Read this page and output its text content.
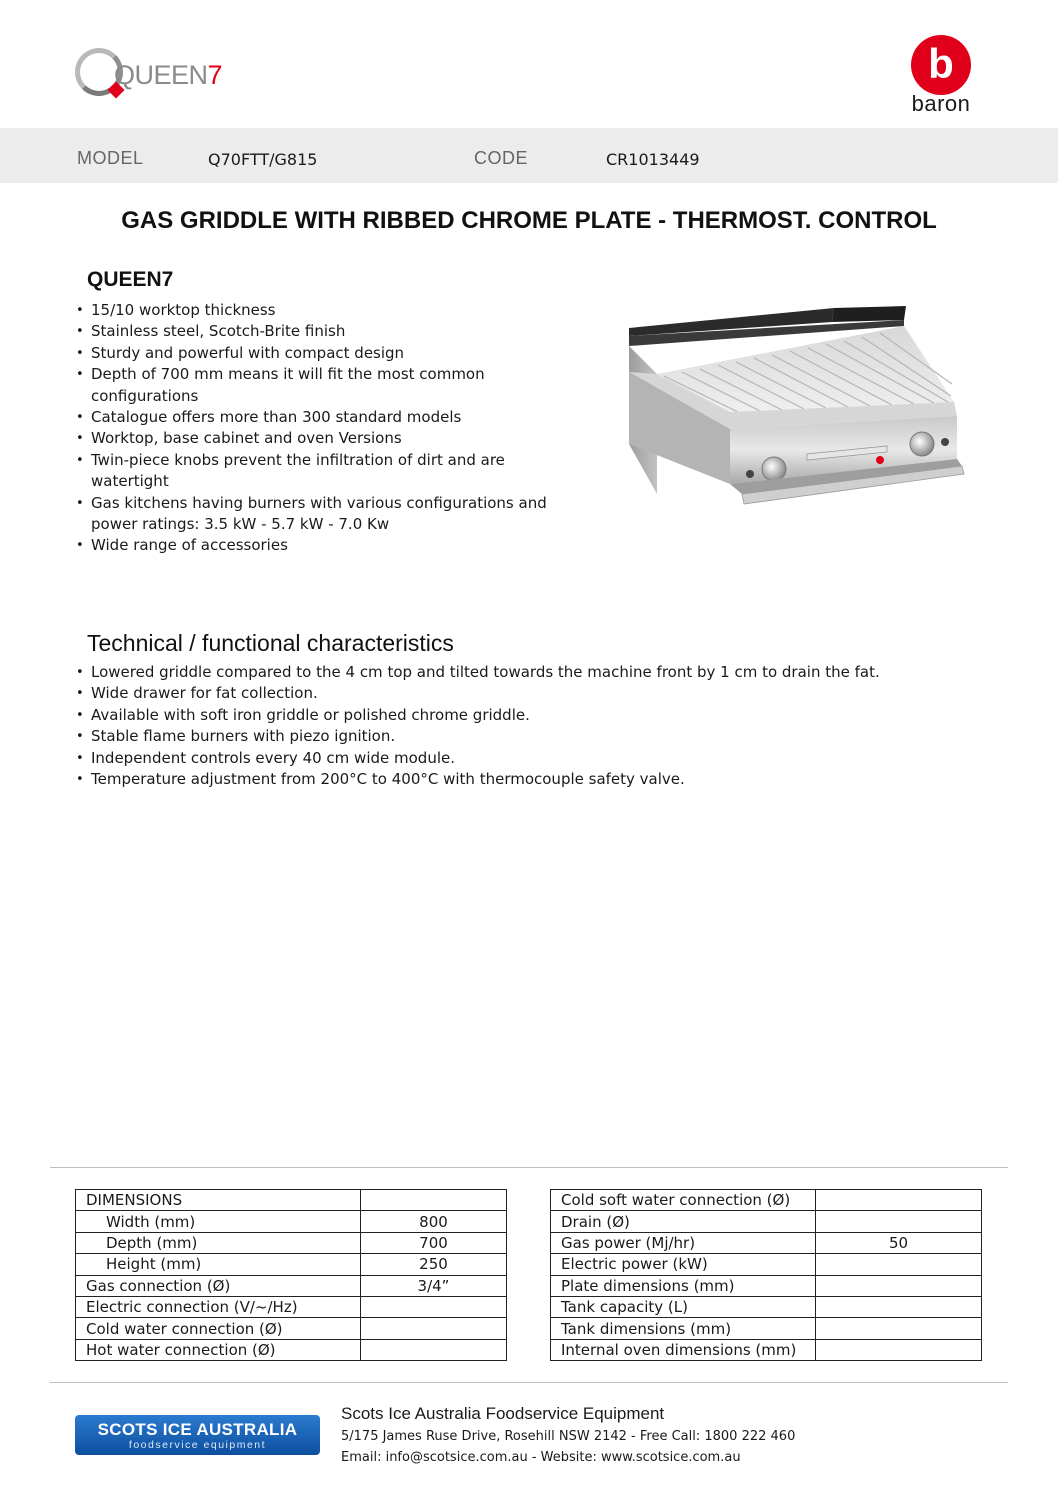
QUEEN7	b
baron
MODEL	Q70FTT/G815	CODE	CR1013449
GAS GRIDDLE WITH RIBBED CHROME PLATE - THERMOST. CONTROL
QUEEN7
• 15/10 worktop thickness
• Stainless steel, Scotch-Brite finish
• Sturdy and powerful with compact design
• Depth of 700 mm means it will fit the most common configurations
• Catalogue offers more than 300 standard models
• Worktop, base cabinet and oven Versions
• Twin-piece knobs prevent the infiltration of dirt and are watertight
• Gas kitchens having burners with various configurations and power ratings: 3.5 kW - 5.7 kW - 7.0 Kw
• Wide range of accessories
Technical / functional characteristics
• Lowered griddle compared to the 4 cm top and tilted towards the machine front by 1 cm to drain the fat.
• Wide drawer for fat collection.
• Available with soft iron griddle or polished chrome griddle.
• Stable flame burners with piezo ignition.
• Independent controls every 40 cm wide module.
• Temperature adjustment from 200°C to 400°C with thermocouple safety valve.
DIMENSIONS	
Width (mm)	800
Depth (mm)	700
Height (mm)	250
Gas connection (Ø)	3/4”
Electric connection (V/~/Hz)	
Cold water connection (Ø)	
Hot water connection (Ø)	
Cold soft water connection (Ø)	
Drain (Ø)	
Gas power (Mj/hr)	50
Electric power (kW)	
Plate dimensions (mm)	
Tank capacity (L)	
Tank dimensions (mm)	
Internal oven dimensions (mm)	
SCOTS ICE AUSTRALIA
foodservice equipment
Scots Ice Australia Foodservice Equipment
5/175 James Ruse Drive, Rosehill NSW 2142 - Free Call: 1800 222 460
Email: info@scotsice.com.au - Website: www.scotsice.com.au
